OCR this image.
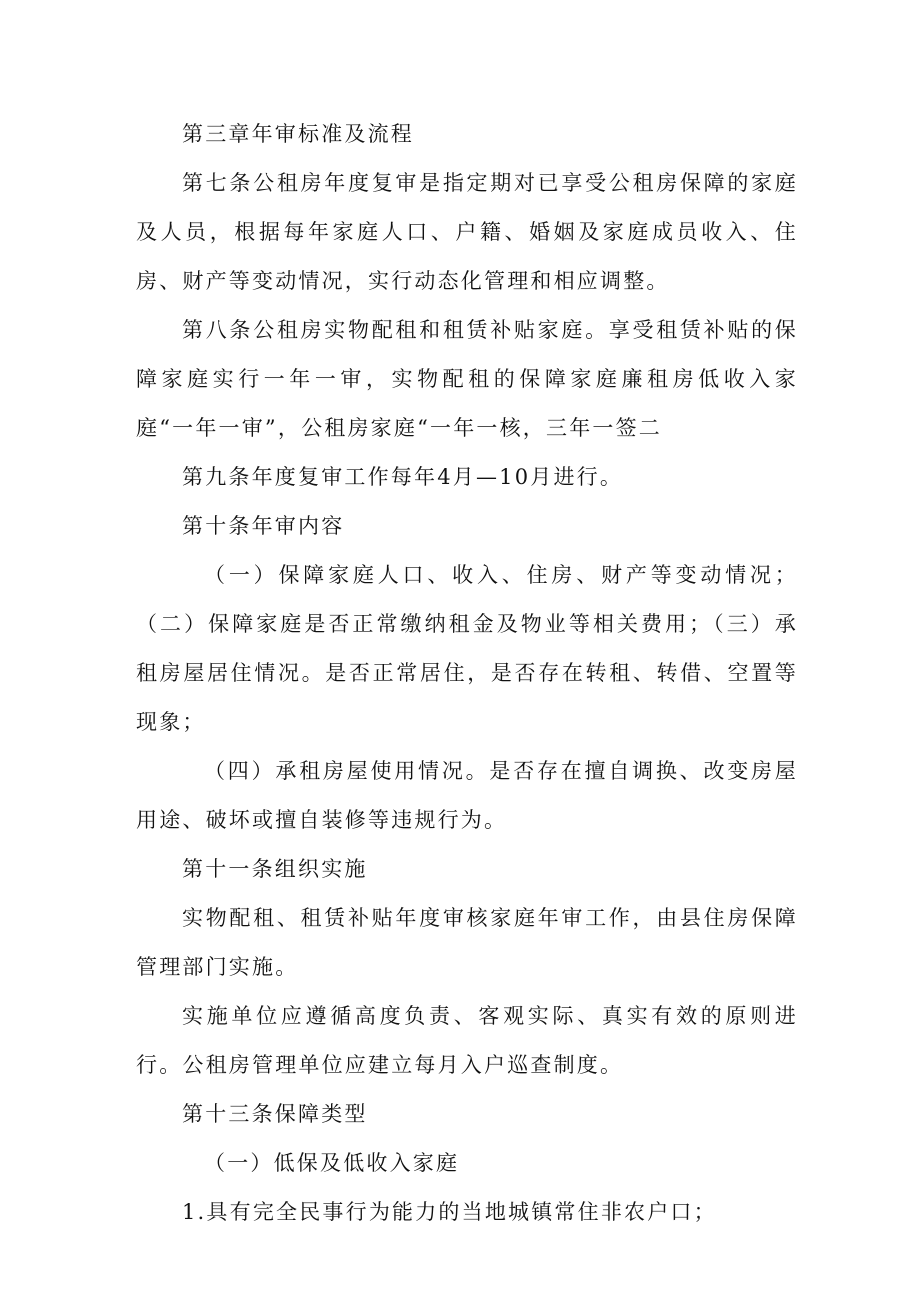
第三章年审标准及流程

第七条公租房年度复审是指定期对已享受公租房保障的家庭及人员，根据每年家庭人口、户籍、婚姻及家庭成员收入、住房、财产等变动情况，实行动态化管理和相应调整。

第八条公租房实物配租和租赁补贴家庭。享受租赁补贴的保障家庭实行一年一审，实物配租的保障家庭廉租房低收入家庭“一年一审”，公租房家庭“一年一核，三年一签二

第九条年度复审工作每年4月—10月进行。

第十条年审内容

（一）保障家庭人口、收入、住房、财产等变动情况；（二）保障家庭是否正常缴纳租金及物业等相关费用；（三）承租房屋居住情况。是否正常居住，是否存在转租、转借、空置等现象；

（四）承租房屋使用情况。是否存在擅自调换、改变房屋用途、破坏或擅自装修等违规行为。

第十一条组织实施

实物配租、租赁补贴年度审核家庭年审工作，由县住房保障管理部门实施。

实施单位应遵循高度负责、客观实际、真实有效的原则进行。公租房管理单位应建立每月入户巡查制度。

第十三条保障类型

（一）低保及低收入家庭

1.具有完全民事行为能力的当地城镇常住非农户口；
